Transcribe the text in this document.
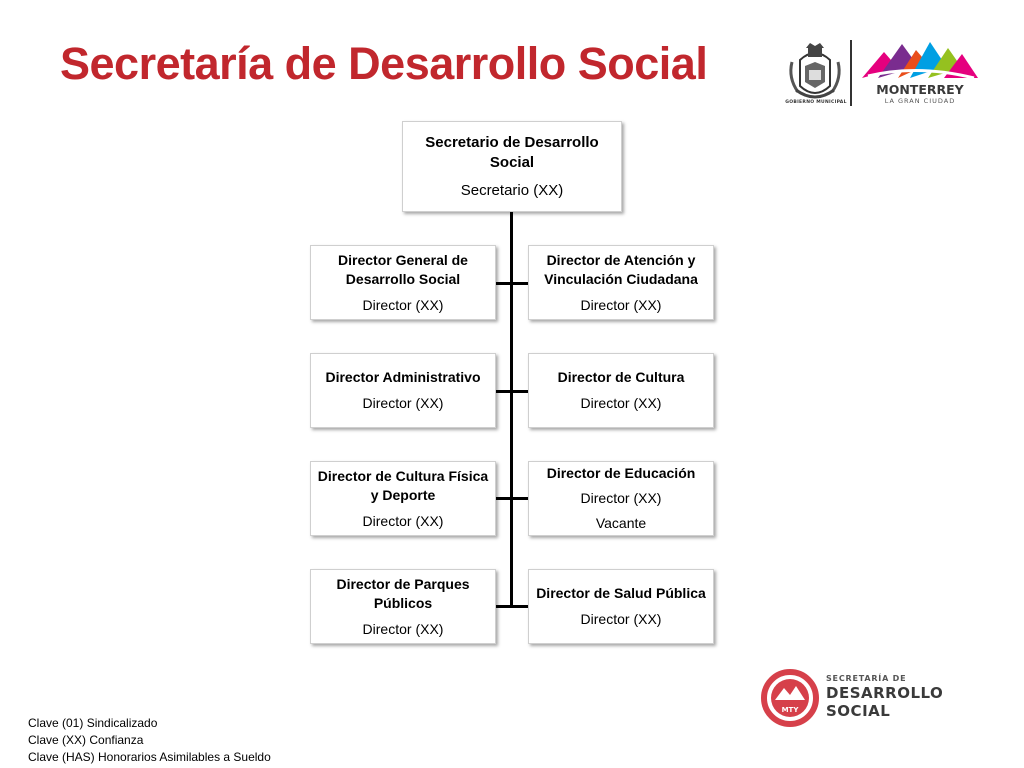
Secretaría de Desarrollo Social
GOBIERNO MUNICIPAL
MONTERREY
LA GRAN CIUDAD
Secretario de Desarrollo Social
Secretario (XX)
Director General de Desarrollo Social
Director (XX)
Director Administrativo
Director (XX)
Director de Cultura Física y Deporte
Director (XX)
Director de Parques Públicos
Director (XX)
Director de Atención y Vinculación Ciudadana
Director (XX)
Director de Cultura
Director (XX)
Director de Educación
Director (XX)
Vacante
Director de Salud Pública
Director (XX)
Clave (01) Sindicalizado
Clave (XX) Confianza
Clave (HAS) Honorarios Asimilables a Sueldo
MTY
SECRETARÍA DE
DESARROLLO
SOCIAL
